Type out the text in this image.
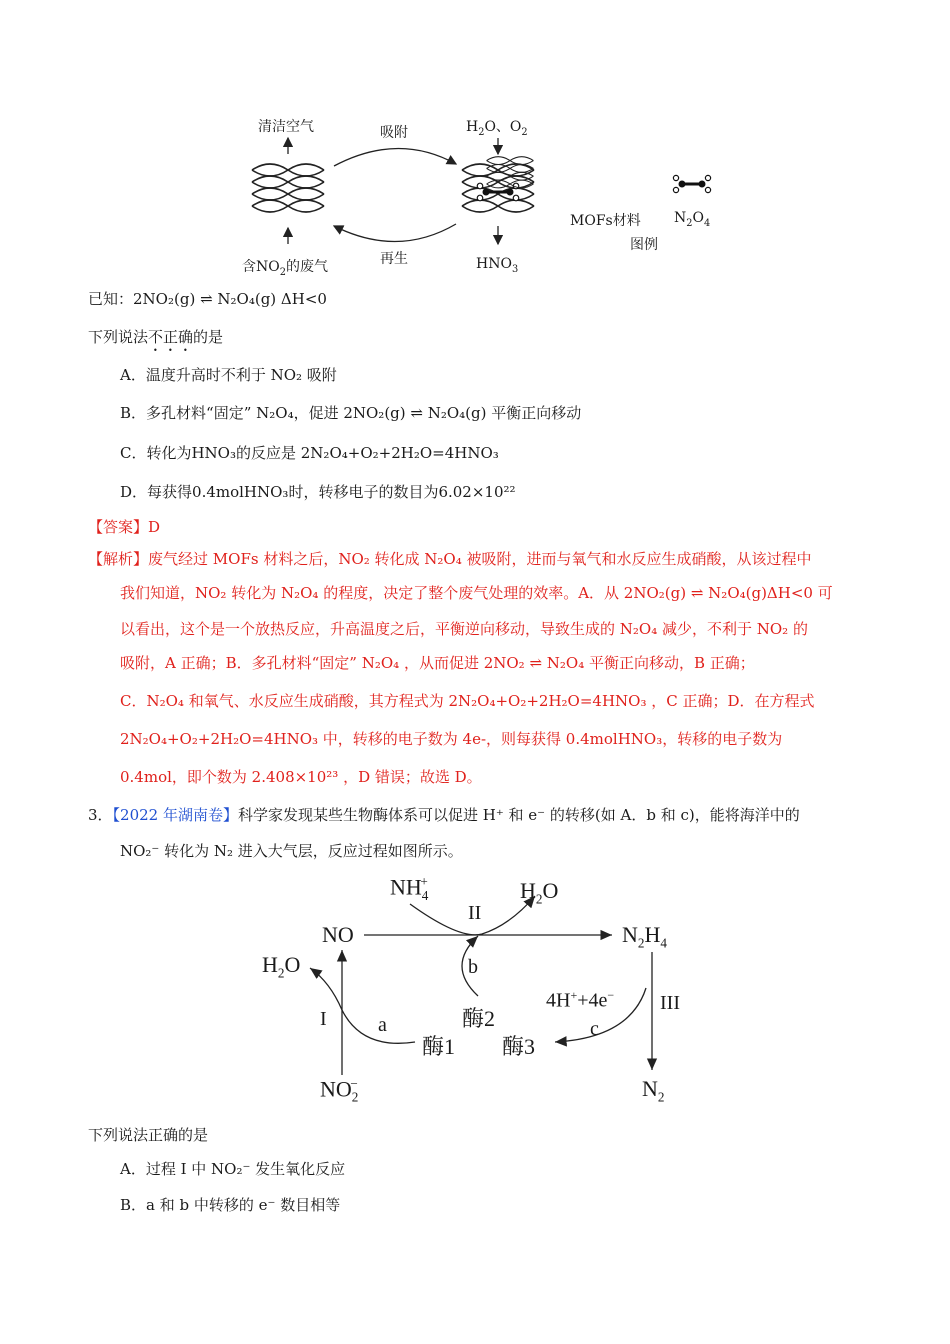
清洁空气	吸附
再生
含$NO_2$的废气
$H_2O$、$O_2$
$HNO_3$
MOFs材料 $N_2O_4$
图例
已知：2NO₂(g) ⇌ N₂O₄(g) ΔH<0
下列说法不正确的是
A．温度升高时不利于 NO₂ 吸附
B．多孔材料“固定” N₂O₄，促进 2NO₂(g) ⇌ N₂O₄(g) 平衡正向移动
C．转化为HNO₃的反应是 2N₂O₄+O₂+2H₂O=4HNO₃
D．每获得0.4molHNO₃时，转移电子的数目为6.02×10²²
【答案】D
【解析】废气经过 MOFs 材料之后，NO₂ 转化成 N₂O₄ 被吸附，进而与氧气和水反应生成硝酸，从该过程中
我们知道，NO₂ 转化为 N₂O₄ 的程度，决定了整个废气处理的效率。A．从 2NO₂(g) ⇌ N₂O₄(g)ΔH<0 可
以看出，这个是一个放热反应，升高温度之后，平衡逆向移动，导致生成的 N₂O₄ 减少，不利于 NO₂ 的
吸附，A 正确；B．多孔材料“固定” N₂O₄ ，从而促进 2NO₂ ⇌ N₂O₄ 平衡正向移动，B 正确；
C．N₂O₄ 和氧气、水反应生成硝酸，其方程式为 2N₂O₄+O₂+2H₂O=4HNO₃ ，C 正确；D．在方程式
2N₂O₄+O₂+2H₂O=4HNO₃ 中，转移的电子数为 4e-，则每获得 0.4molHNO₃，转移的电子数为
0.4mol，即个数为 2.408×10²³ ，D 错误；故选 D。
3．【2022 年湖南卷】科学家发现某些生物酶体系可以促进 H⁺ 和 e⁻ 的转移(如 A．b 和 c)，能将海洋中的
NO₂⁻ 转化为 N₂ 进入大气层，反应过程如图所示。
$NH_4^+$	$H_2O$
II
NO	$N_2H_4$
$H_2O$	b
4H++4e− III
I	a	酶2	c
酶1 酶3
$NO_2^-$	$N_2$
下列说法正确的是
A．过程 Ⅰ 中 NO₂⁻ 发生氧化反应
B．a 和 b 中转移的 e⁻ 数目相等
